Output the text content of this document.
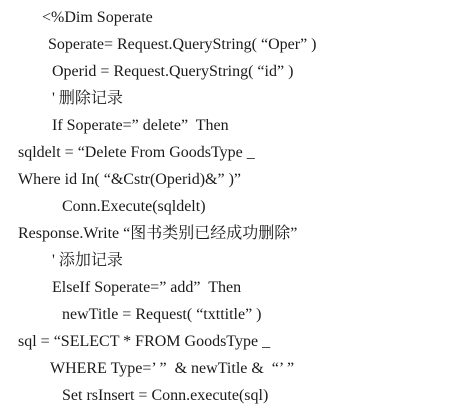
<%Dim Soperate
Soperate= Request.QueryString( “Oper” )
Operid = Request.QueryString( “id” )
' 删除记录
If Soperate=” delete”  Then
sqldelt = “Delete From GoodsType _
Where id In( “&Cstr(Operid)&” )”
Conn.Execute(sqldelt)
Response.Write “图书类别已经成功删除”
' 添加记录
ElseIf Soperate=” add”  Then
newTitle = Request( “txttitle” )
sql = “SELECT * FROM GoodsType _
WHERE Type=’ ”  & newTitle &  “’ ”
Set rsInsert = Conn.execute(sql)
